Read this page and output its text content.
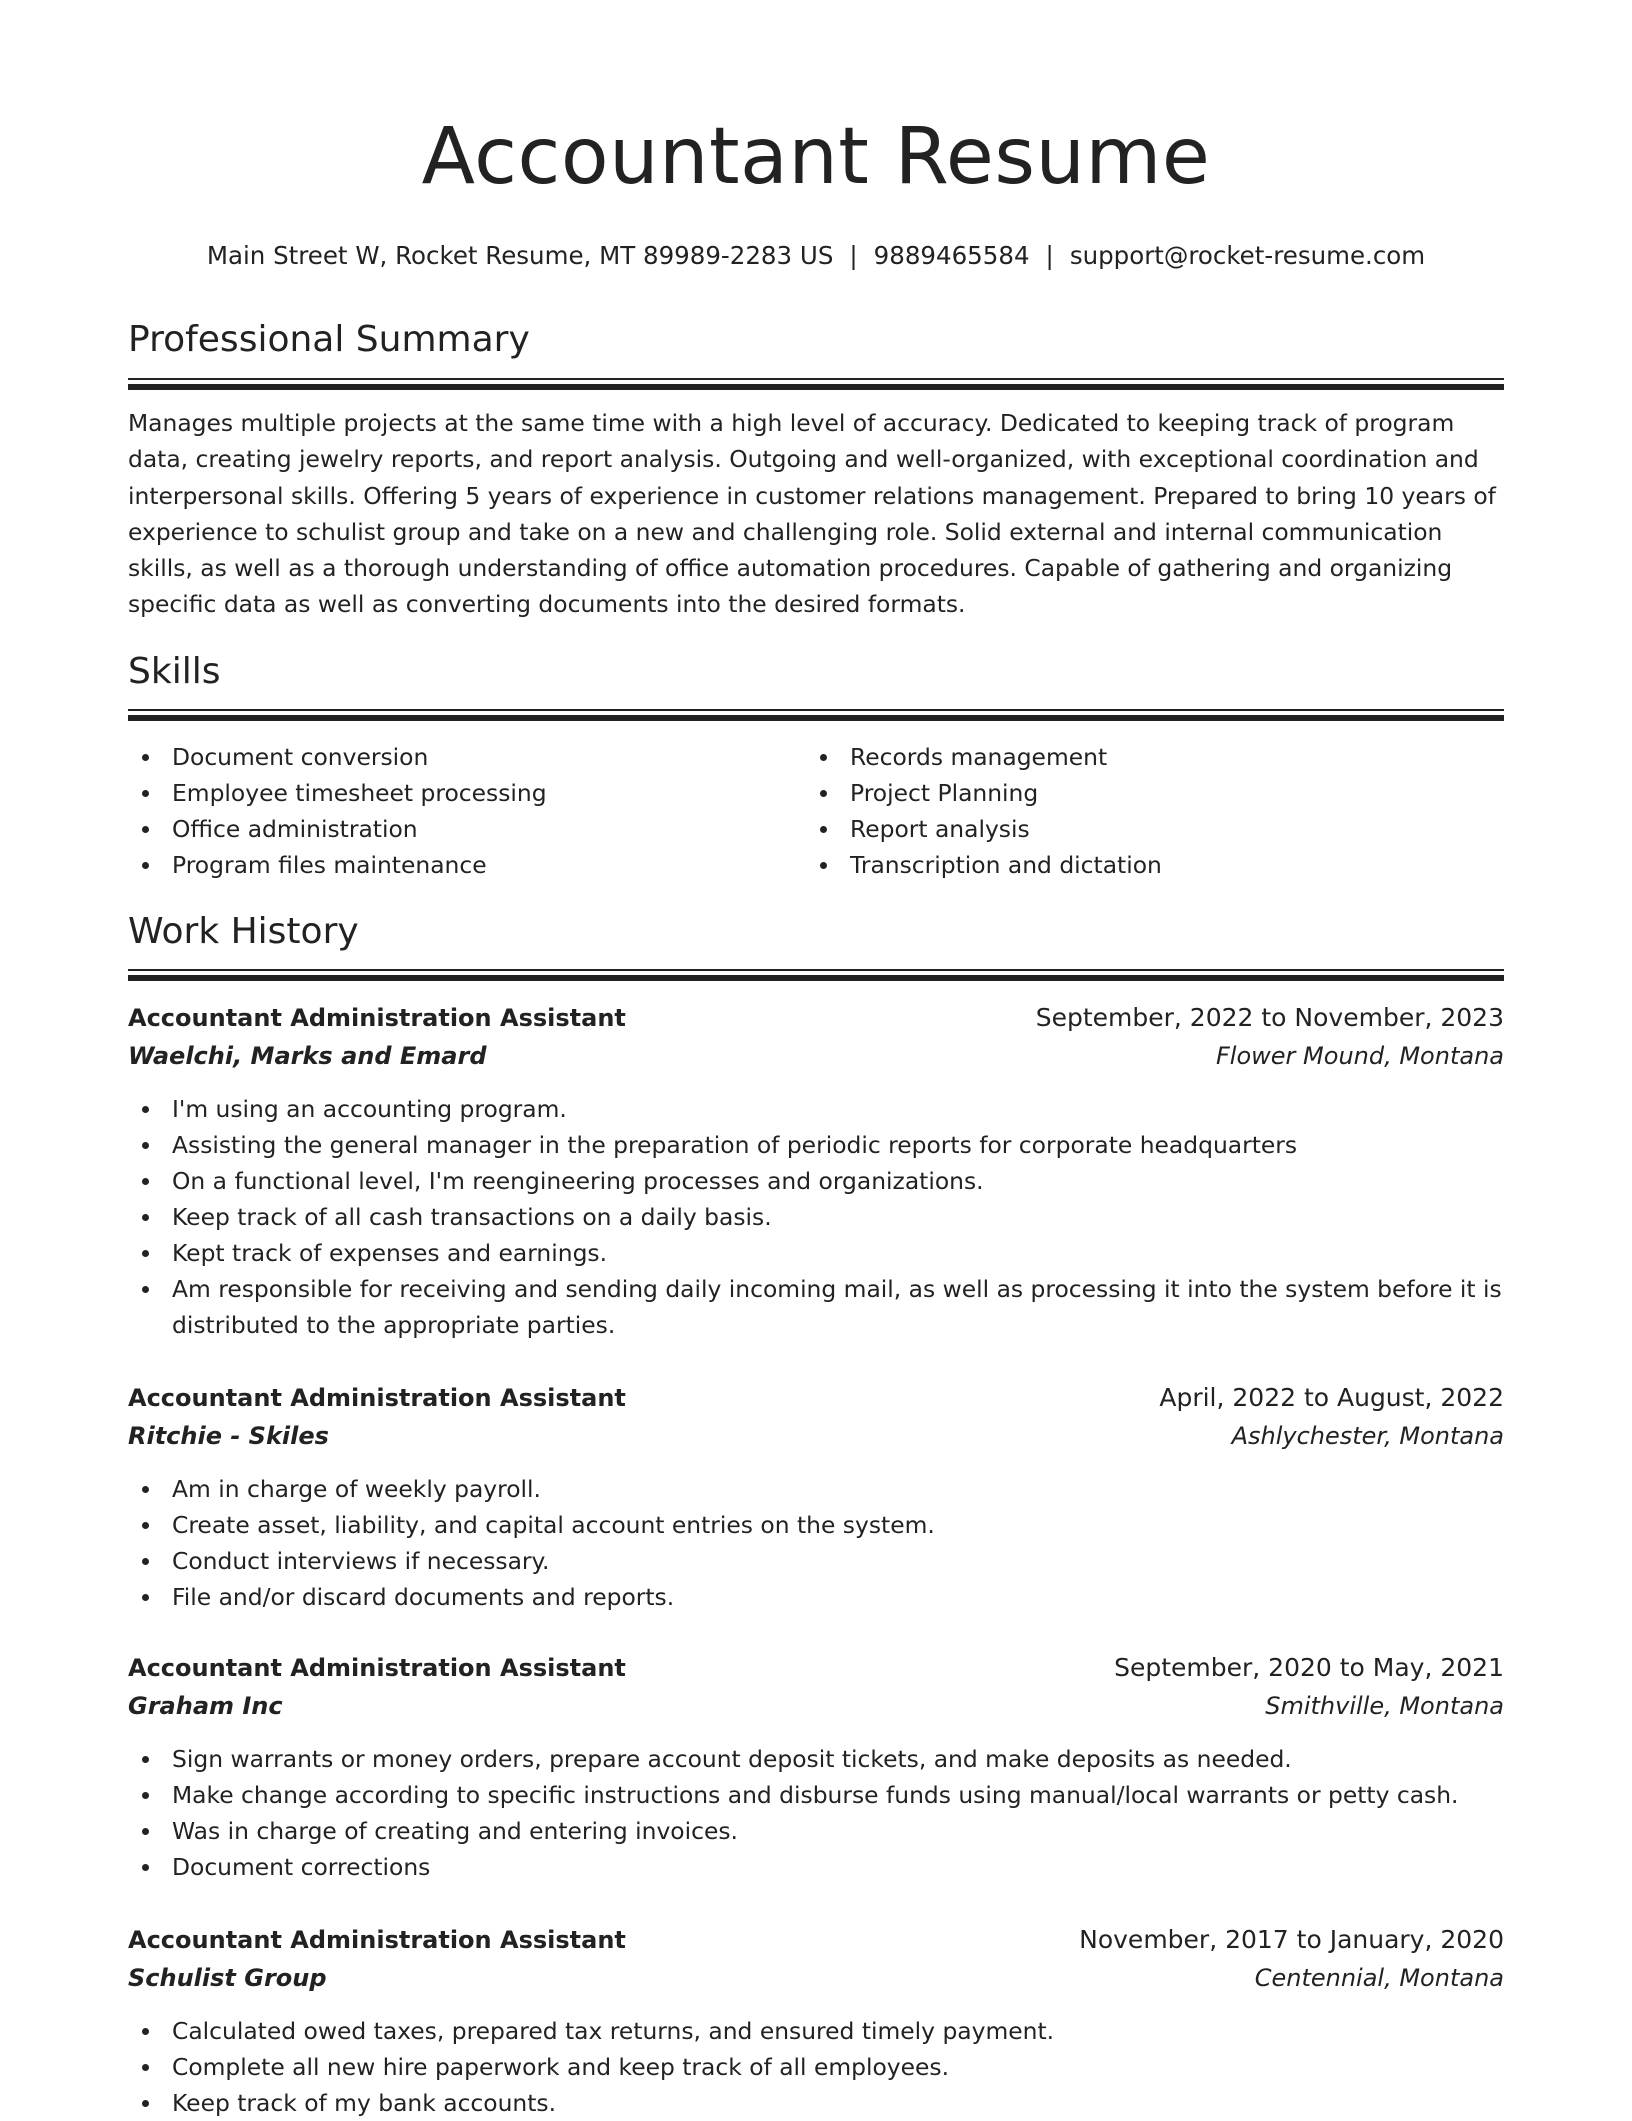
Accountant Resume
Main Street W, Rocket Resume, MT 89989-2283 US | 9889465584 | support@rocket-resume.com
Professional Summary

Manages multiple projects at the same time with a high level of accuracy. Dedicated to keeping track of program data, creating jewelry reports, and report analysis. Outgoing and well-organized, with exceptional coordination and interpersonal skills. Offering 5 years of experience in customer relations management. Prepared to bring 10 years of experience to schulist group and take on a new and challenging role. Solid external and internal communication skills, as well as a thorough understanding of office automation procedures. Capable of gathering and organizing specific data as well as converting documents into the desired formats.

Skills
Document conversion
Employee timesheet processing
Office administration
Program files maintenance
Records management
Project Planning
Report analysis
Transcription and dictation
Work History
Accountant Administration Assistant	September, 2022 to November, 2023
Waelchi, Marks and Emard	Flower Mound, Montana
I'm using an accounting program.
Assisting the general manager in the preparation of periodic reports for corporate headquarters
On a functional level, I'm reengineering processes and organizations.
Keep track of all cash transactions on a daily basis.
Kept track of expenses and earnings.
Am responsible for receiving and sending daily incoming mail, as well as processing it into the system before it is distributed to the appropriate parties.
Accountant Administration Assistant	April, 2022 to August, 2022
Ritchie - Skiles	Ashlychester, Montana
Am in charge of weekly payroll.
Create asset, liability, and capital account entries on the system.
Conduct interviews if necessary.
File and/or discard documents and reports.
Accountant Administration Assistant	September, 2020 to May, 2021
Graham Inc	Smithville, Montana
Sign warrants or money orders, prepare account deposit tickets, and make deposits as needed.
Make change according to specific instructions and disburse funds using manual/local warrants or petty cash.
Was in charge of creating and entering invoices.
Document corrections
Accountant Administration Assistant	November, 2017 to January, 2020
Schulist Group	Centennial, Montana
Calculated owed taxes, prepared tax returns, and ensured timely payment.
Complete all new hire paperwork and keep track of all employees.
Keep track of my bank accounts.
